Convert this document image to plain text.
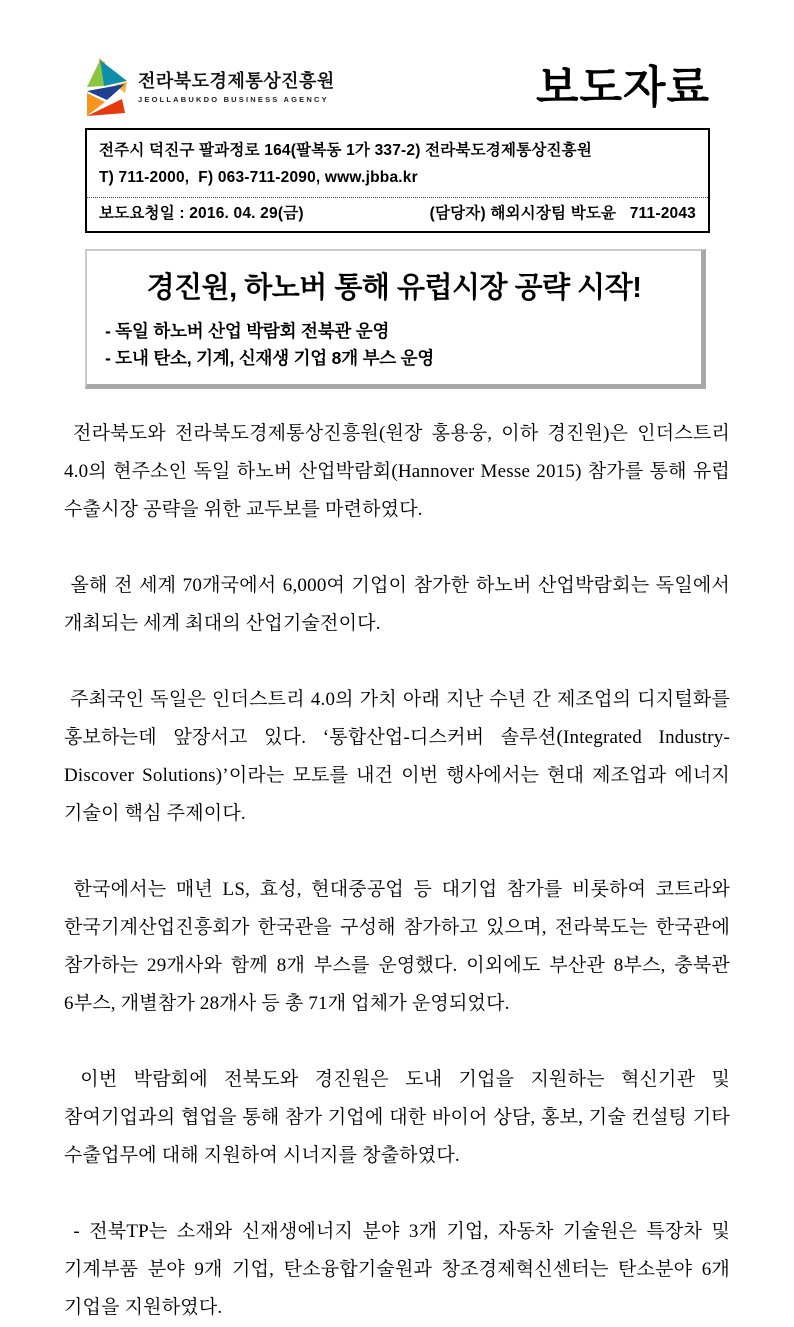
전라북도경제통상진흥원
JEOLLABUKDO BUSINESS AGENCY	보도자료
전주시 덕진구 팔과정로 164(팔복동 1가 337-2) 전라북도경제통상진흥원
T) 711-2000,  F) 063-711-2090, www.jbba.kr
보도요청일 : 2016. 04. 29(금)	(담당자) 해외시장팀 박도윤   711-2043
경진원, 하노버 통해 유럽시장 공략 시작!
- 독일 하노버 산업 박람회 전북관 운영
- 도내 탄소, 기계, 신재생 기업 8개 부스 운영

전라북도와 전라북도경제통상진흥원(원장 홍용웅, 이하 경진원)은 인더스트리 4.0의 현주소인 독일 하노버 산업박람회(Hannover Messe 2015) 참가를 통해 유럽 수출시장 공략을 위한 교두보를 마련하였다.

올해 전 세계 70개국에서 6,000여 기업이 참가한 하노버 산업박람회는 독일에서 개최되는 세계 최대의 산업기술전이다.

주최국인 독일은 인더스트리 4.0의 가치 아래 지난 수년 간 제조업의 디지털화를 홍보하는데 앞장서고 있다. ‘통합산업-디스커버 솔루션(Integrated Industry-Discover Solutions)’이라는 모토를 내건 이번 행사에서는 현대 제조업과 에너지 기술이 핵심 주제이다.

한국에서는 매년 LS, 효성, 현대중공업 등 대기업 참가를 비롯하여 코트라와 한국기계산업진흥회가 한국관을 구성해 참가하고 있으며, 전라북도는 한국관에 참가하는 29개사와 함께 8개 부스를 운영했다. 이외에도 부산관 8부스, 충북관 6부스, 개별참가 28개사 등 총 71개 업체가 운영되었다.

이번 박람회에 전북도와 경진원은 도내 기업을 지원하는 혁신기관 및 참여기업과의 협업을 통해 참가 기업에 대한 바이어 상담, 홍보, 기술 컨설팅 기타 수출업무에 대해 지원하여 시너지를 창출하였다.

- 전북TP는 소재와 신재생에너지 분야 3개 기업, 자동차 기술원은 특장차 및 기계부품 분야 9개 기업, 탄소융합기술원과 창조경제혁신센터는 탄소분야 6개 기업을 지원하였다.
